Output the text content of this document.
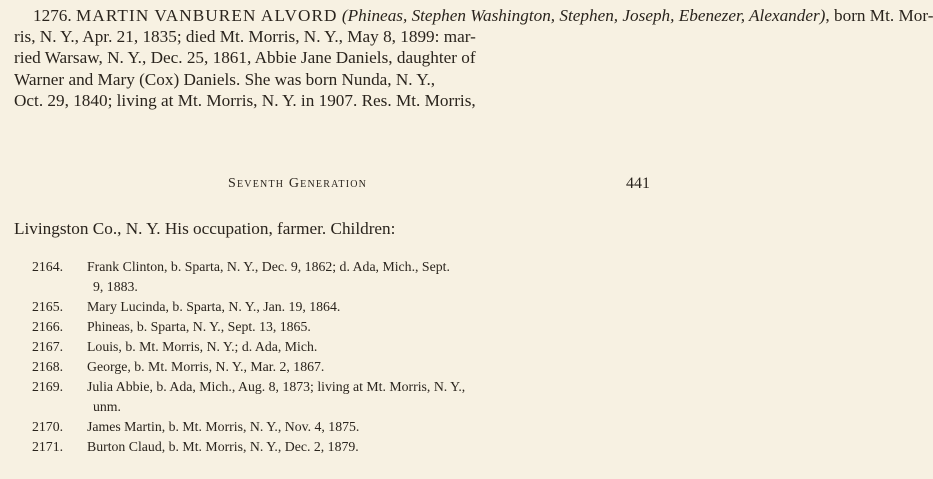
1276. MARTIN VANBUREN ALVORD (Phineas, Stephen Washington, Stephen, Joseph, Ebenezer, Alexander), born Mt. Mor-
ris, N. Y., Apr. 21, 1835; died Mt. Morris, N. Y., May 8, 1899: mar-
ried Warsaw, N. Y., Dec. 25, 1861, Abbie Jane Daniels, daughter of
Warner and Mary (Cox) Daniels. She was born Nunda, N. Y.,
Oct. 29, 1840; living at Mt. Morris, N. Y. in 1907. Res. Mt. Morris,
Seventh Generation	441
Livingston Co., N. Y. His occupation, farmer. Children:
2164. Frank Clinton, b. Sparta, N. Y., Dec. 9, 1862; d. Ada, Mich., Sept.
9, 1883.
2165. Mary Lucinda, b. Sparta, N. Y., Jan. 19, 1864.
2166. Phineas, b. Sparta, N. Y., Sept. 13, 1865.
2167. Louis, b. Mt. Morris, N. Y.; d. Ada, Mich.
2168. George, b. Mt. Morris, N. Y., Mar. 2, 1867.
2169. Julia Abbie, b. Ada, Mich., Aug. 8, 1873; living at Mt. Morris, N. Y.,
unm.
2170. James Martin, b. Mt. Morris, N. Y., Nov. 4, 1875.
2171. Burton Claud, b. Mt. Morris, N. Y., Dec. 2, 1879.
